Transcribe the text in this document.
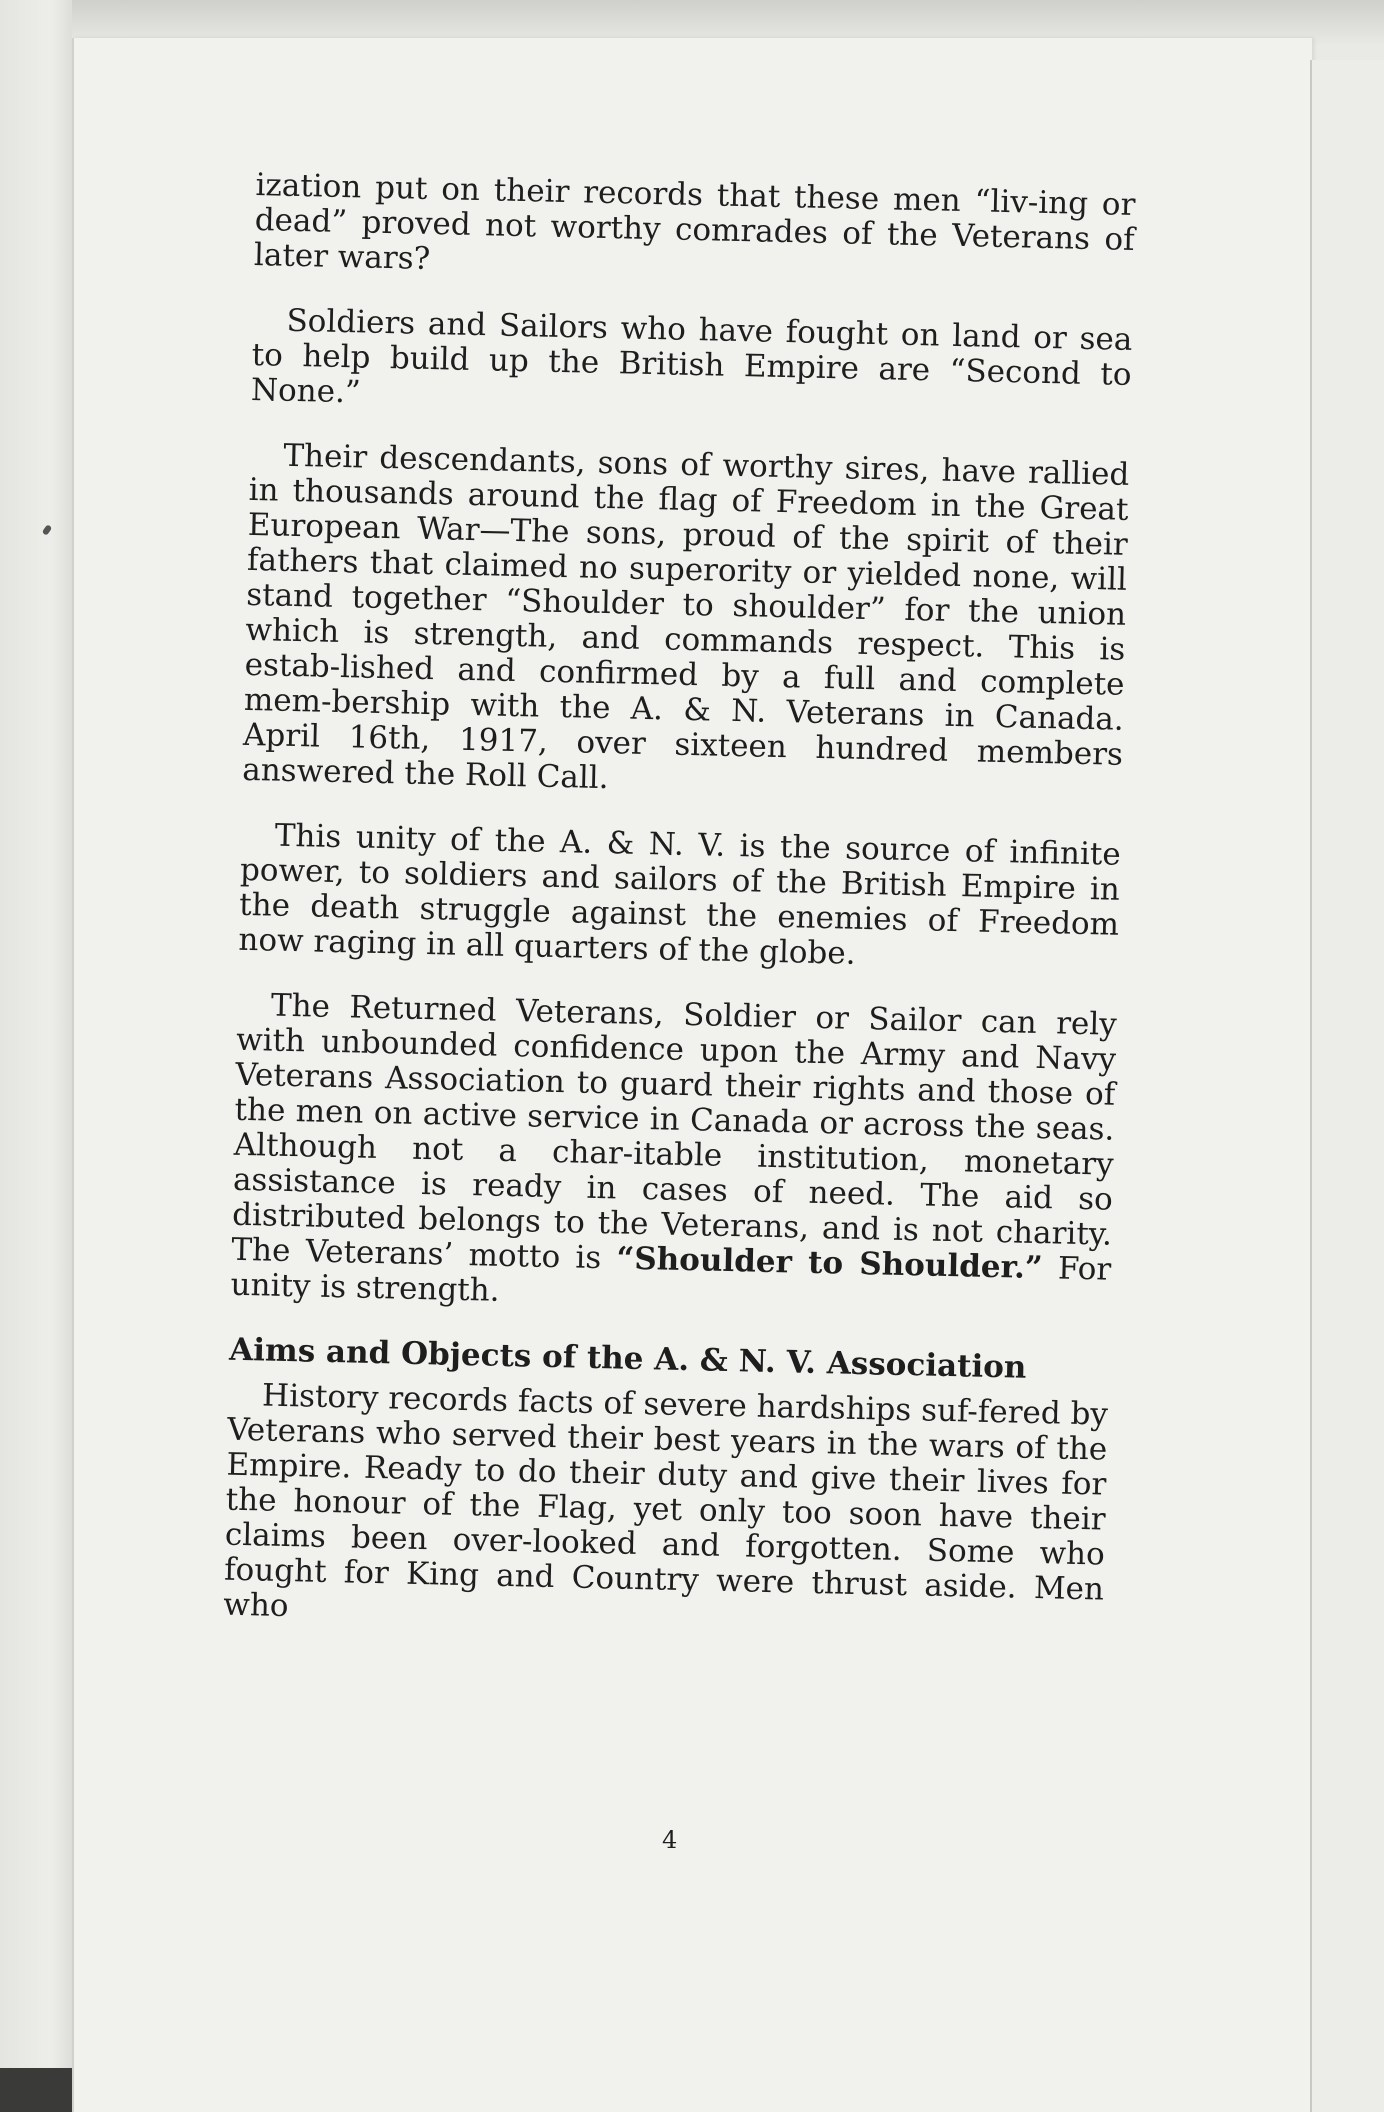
ization put on their records that these men “liv-ing or dead” proved not worthy comrades of the Veterans of later wars?

Soldiers and Sailors who have fought on land or sea to help build up the British Empire are “Second to None.”

Their descendants, sons of worthy sires, have rallied in thousands around the flag of Freedom in the Great European War—The sons, proud of the spirit of their fathers that claimed no superority or yielded none, will stand together “Shoulder to shoulder” for the union which is strength, and commands respect. This is estab-lished and confirmed by a full and complete mem-bership with the A. & N. Veterans in Canada. April 16th, 1917, over sixteen hundred members answered the Roll Call.

This unity of the A. & N. V. is the source of infinite power, to soldiers and sailors of the British Empire in the death struggle against the enemies of Freedom now raging in all quarters of the globe.

The Returned Veterans, Soldier or Sailor can rely with unbounded confidence upon the Army and Navy Veterans Association to guard their rights and those of the men on active service in Canada or across the seas. Although not a char-itable institution, monetary assistance is ready in cases of need. The aid so distributed belongs to the Veterans, and is not charity. The Veterans’ motto is “Shoulder to Shoulder.” For unity is strength.

Aims and Objects of the A. & N. V. Association

History records facts of severe hardships suf-fered by Veterans who served their best years in the wars of the Empire. Ready to do their duty and give their lives for the honour of the Flag, yet only too soon have their claims been over-looked and forgotten. Some who fought for King and Country were thrust aside. Men who

4
